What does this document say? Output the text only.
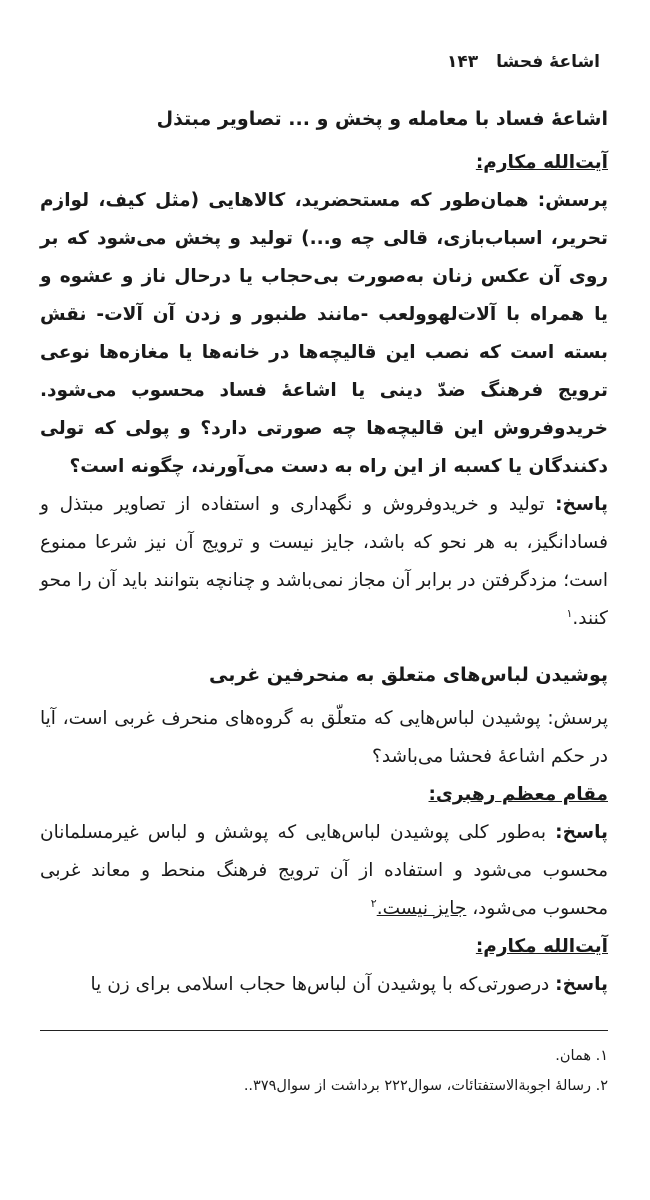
اشاعهٔ فحشا
۱۴۳
اشاعهٔ فساد با معامله و پخش و ... تصاویر مبتذل
آیت‌الله مکارم:

پرسش: همان‌طور که مستحضرید، کالاهایی (مثل کیف، لوازم تحریر، اسباب‌بازی، قالی چه و...) تولید و پخش می‌شود که بر روی آن عکس زنان به‌صورت بی‌حجاب یا درحال ناز و عشوه و یا همراه با آلات‌لهوولعب -مانند طنبور و زدن آن آلات- نقش بسته است که نصب این قالیچه‌ها در خانه‌ها یا مغازه‌ها نوعی ترویج فرهنگ ضدّ دینی یا اشاعهٔ فساد محسوب می‌شود. خریدوفروش این قالیچه‌ها چه صورتی دارد؟ و پولی که تولی دکنندگان یا کسبه از این راه به دست می‌آورند، چگونه است؟

پاسخ: تولید و خریدوفروش و نگهداری و استفاده از تصاویر مبتذل و فسادانگیز، به هر نحو که باشد، جایز نیست و ترویج آن نیز شرعا ممنوع است؛ مزدگرفتن در برابر آن مجاز نمی‌باشد و چنانچه بتوانند باید آن را محو کنند.$^۱$

پوشیدن لباس‌های متعلق به منحرفین غربی

پرسش: پوشیدن لباس‌هایی که متعلّق به گروه‌های منحرف غربی است، آیا در حکم اشاعهٔ فحشا می‌باشد؟

مقام معظم رهبری:

پاسخ: به‌طور کلی پوشیدن لباس‌هایی که پوشش و لباس غیرمسلمانان محسوب می‌شود و استفاده از آن ترویج فرهنگ منحط و معاند غربی محسوب می‌شود، جایز نیست.$^۲$

آیت‌الله مکارم:

پاسخ: درصورتی‌که با پوشیدن آن لباس‌ها حجاب اسلامی برای زن یا

۱. همان.
۲. رسالهٔ اجوبة‌الاستفتائات، سوال۲۲۲ برداشت از سوال۳۷۹..
